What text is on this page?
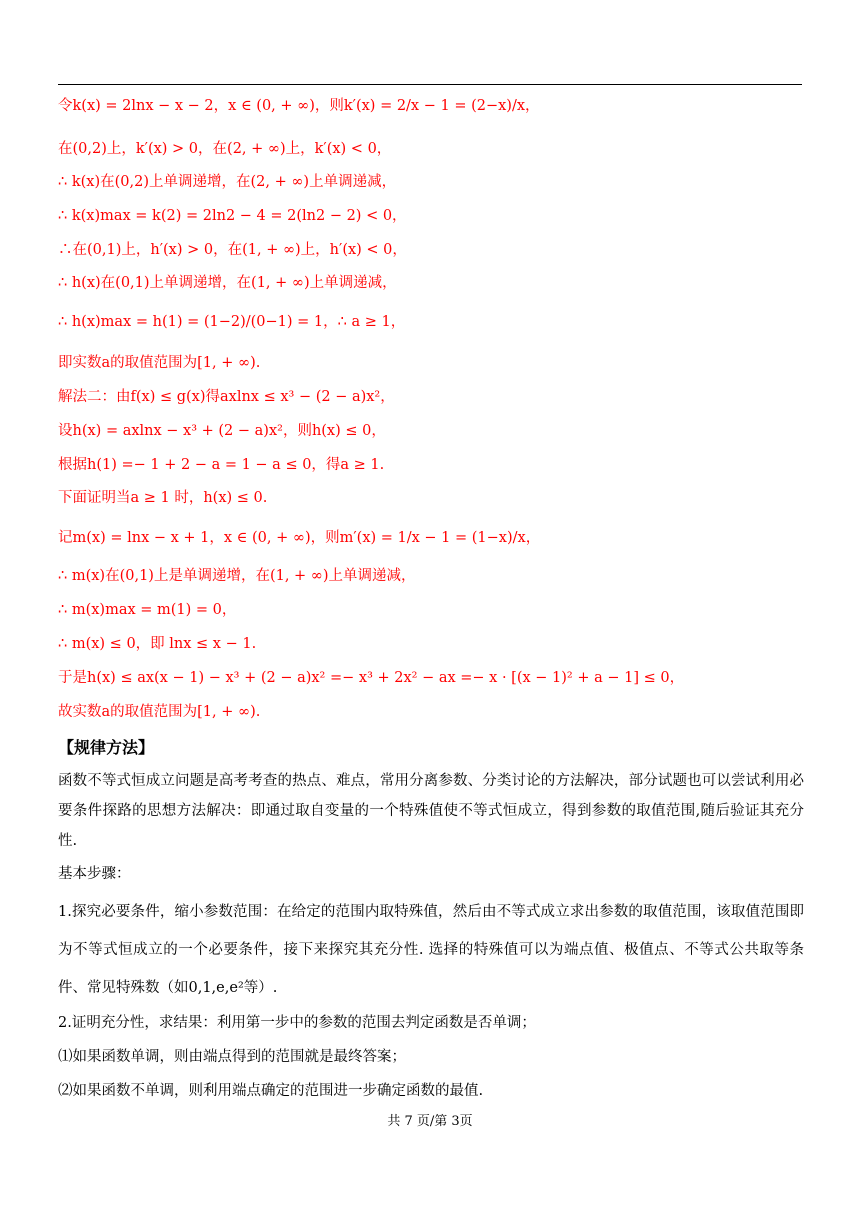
令k(x) = 2lnx − x − 2，x ∈ (0, + ∞)，则k′(x) = 2/x − 1 = (2−x)/x，
在(0,2)上，k′(x) > 0，在(2, + ∞)上，k′(x) < 0，
∴ k(x)在(0,2)上单调递增，在(2, + ∞)上单调递减，
∴ k(x)max = k(2) = 2ln2 − 4 = 2(ln2 − 2) < 0，
∴在(0,1)上，h′(x) > 0，在(1, + ∞)上，h′(x) < 0，
∴ h(x)在(0,1)上单调递增，在(1, + ∞)上单调递减，
∴ h(x)max = h(1) = (1−2)/(0−1) = 1，∴ a ≥ 1，
即实数a的取值范围为[1, + ∞).
解法二：由f(x) ≤ g(x)得axlnx ≤ x³ − (2 − a)x²，
设h(x) = axlnx − x³ + (2 − a)x²，则h(x) ≤ 0，
根据h(1) =− 1 + 2 − a = 1 − a ≤ 0，得a ≥ 1.
下面证明当a ≥ 1 时，h(x) ≤ 0.
记m(x) = lnx − x + 1，x ∈ (0, + ∞)，则m′(x) = 1/x − 1 = (1−x)/x，
∴ m(x)在(0,1)上是单调递增，在(1, + ∞)上单调递减，
∴ m(x)max = m(1) = 0，
∴ m(x) ≤ 0，即 lnx ≤ x − 1.
于是h(x) ≤ ax(x − 1) − x³ + (2 − a)x² =− x³ + 2x² − ax =− x · [(x − 1)² + a − 1] ≤ 0，
故实数a的取值范围为[1, + ∞).
【规律方法】
函数不等式恒成立问题是高考考查的热点、难点，常用分离参数、分类讨论的方法解决，部分试题也可以尝试利用必要条件探路的思想方法解决：即通过取自变量的一个特殊值使不等式恒成立，得到参数的取值范围,随后验证其充分性.
基本步骤：
1.探究必要条件，缩小参数范围：在给定的范围内取特殊值，然后由不等式成立求出参数的取值范围，该取值范围即为不等式恒成立的一个必要条件，接下来探究其充分性. 选择的特殊值可以为端点值、极值点、不等式公共取等条件、常见特殊数（如0,1,e,e²等）.
2.证明充分性，求结果：利用第一步中的参数的范围去判定函数是否单调；
⑴如果函数单调，则由端点得到的范围就是最终答案；
⑵如果函数不单调，则利用端点确定的范围进一步确定函数的最值.
共 7 页/第 3页
